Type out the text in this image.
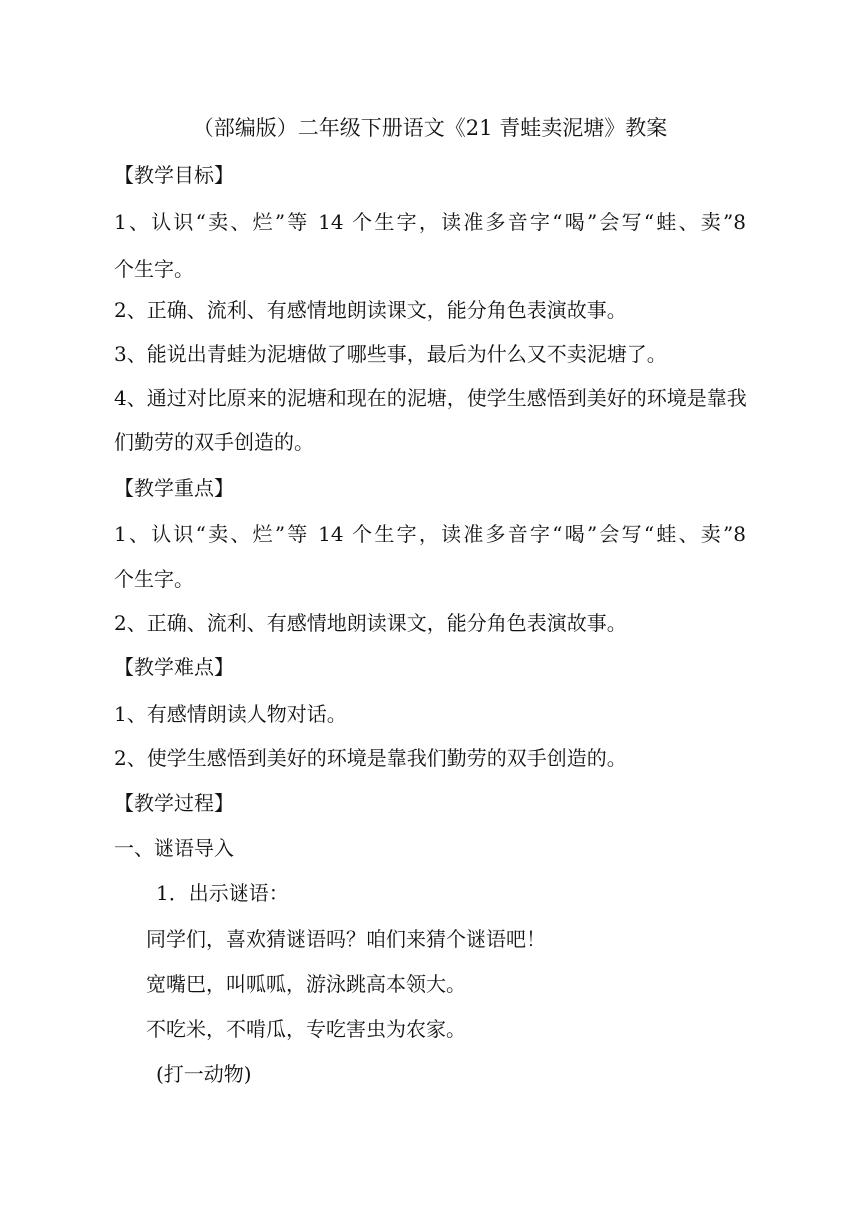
（部编版）二年级下册语文《21 青蛙卖泥塘》教案
【教学目标】
1、认识“卖、烂”等 14 个生字，读准多音字“喝”会写“蛙、卖”8
个生字。
2、正确、流利、有感情地朗读课文，能分角色表演故事。
3、能说出青蛙为泥塘做了哪些事，最后为什么又不卖泥塘了。
4、通过对比原来的泥塘和现在的泥塘，使学生感悟到美好的环境是靠我
们勤劳的双手创造的。
【教学重点】
1、认识“卖、烂”等 14 个生字，读准多音字“喝”会写“蛙、卖”8
个生字。
2、正确、流利、有感情地朗读课文，能分角色表演故事。
【教学难点】
1、有感情朗读人物对话。
2、使学生感悟到美好的环境是靠我们勤劳的双手创造的。
【教学过程】
一、谜语导入
1．出示谜语：
同学们，喜欢猜谜语吗？咱们来猜个谜语吧！
宽嘴巴，叫呱呱，游泳跳高本领大。
不吃米，不啃瓜，专吃害虫为农家。
(打一动物)
